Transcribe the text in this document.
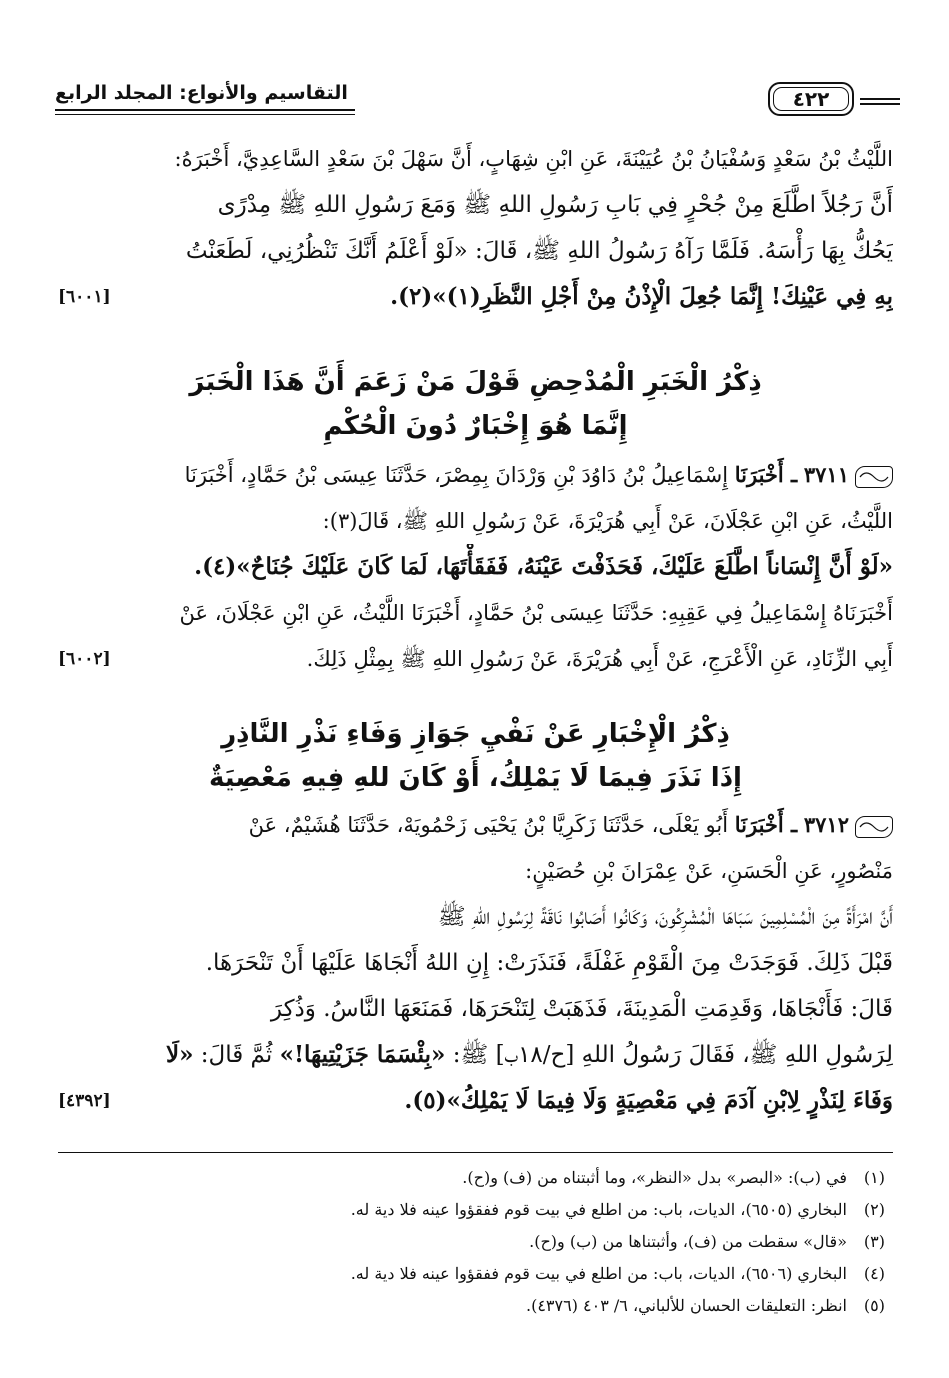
التقاسيم والأنواع: المجلد الرابع	٤٢٢
اللَّيْثُ بْنُ سَعْدٍ وَسُفْيَانُ بْنُ عُيَيْنَةَ، عَنِ ابْنِ شِهَابٍ، أَنَّ سَهْلَ بْنَ سَعْدٍ السَّاعِدِيَّ، أَخْبَرَهُ:
أَنَّ رَجُلاً اطَّلَعَ مِنْ جُحْرٍ فِي بَابِ رَسُولِ اللهِ ﷺ وَمَعَ رَسُولِ اللهِ ﷺ مِدْرًى
يَحُكُّ بِهَا رَأْسَهُ. فَلَمَّا رَآهُ رَسُولُ اللهِ ﷺ، قَالَ: «لَوْ أَعْلَمُ أَنَّكَ تَنْظُرُنِي، لَطَعَنْتُ
بِهِ فِي عَيْنِكَ! إِنَّمَا جُعِلَ الْإِذْنُ مِنْ أَجْلِ النَّظَرِ(١)»(٢).
[٦٠٠١]
ذِكْرُ الْخَبَرِ الْمُدْحِضِ قَوْلَ مَنْ زَعَمَ أَنَّ هَذَا الْخَبَرَ
إِنَّمَا هُوَ إِخْبَارٌ دُونَ الْحُكْمِ
٣٧١١ ـ أَخْبَرَنَا إِسْمَاعِيلُ بْنُ دَاوُدَ بْنِ وَرْدَانَ بِمِصْرَ، حَدَّثَنَا عِيسَى بْنُ حَمَّادٍ، أَخْبَرَنَا
اللَّيْثُ، عَنِ ابْنِ عَجْلَانَ، عَنْ أَبِي هُرَيْرَةَ، عَنْ رَسُولِ اللهِ ﷺ، قَالَ(٣):
«لَوْ أَنَّ إِنْسَاناً اطَّلَعَ عَلَيْكَ، فَحَذَفْتَ عَيْنَهُ، فَفَقَأْتَهَا، لَمَا كَانَ عَلَيْكَ جُنَاحٌ»(٤).
أَخْبَرَنَاهُ إِسْمَاعِيلُ فِي عَقِبِهِ: حَدَّثَنَا عِيسَى بْنُ حَمَّادٍ، أَخْبَرَنَا اللَّيْثُ، عَنِ ابْنِ عَجْلَانَ، عَنْ
أَبِي الزِّنَادِ، عَنِ الْأَعْرَجِ، عَنْ أَبِي هُرَيْرَةَ، عَنْ رَسُولِ اللهِ ﷺ بِمِثْلِ ذَلِكَ.
[٦٠٠٢]
ذِكْرُ الْإِخْبَارِ عَنْ نَفْيِ جَوَازِ وَفَاءِ نَذْرِ النَّاذِرِ
إِذَا نَذَرَ فِيمَا لَا يَمْلِكُ، أَوْ كَانَ للهِ فِيهِ مَعْصِيَةٌ
٣٧١٢ ـ أَخْبَرَنَا أَبُو يَعْلَى، حَدَّثَنَا زَكَرِيَّا بْنُ يَحْيَى زَحْمُويَهْ، حَدَّثَنَا هُشَيْمٌ، عَنْ
مَنْصُورٍ، عَنِ الْحَسَنِ، عَنْ عِمْرَانَ بْنِ حُصَيْنٍ:
أَنَّ امْرَأَةً مِنَ الْمُسْلِمِينَ سَبَاهَا الْمُشْرِكُونَ، وَكَانُوا أَصَابُوا نَاقَةً لِرَسُولِ اللهِ ﷺ
قَبْلَ ذَلِكَ. فَوَجَدَتْ مِنَ الْقَوْمِ غَفْلَةً، فَنَذَرَتْ: إِنِ اللهُ أَنْجَاهَا عَلَيْهَا أَنْ تَنْحَرَهَا.
قَالَ: فَأَنْجَاهَا، وَقَدِمَتِ الْمَدِينَةَ، فَذَهَبَتْ لِتَنْحَرَهَا، فَمَنَعَهَا النَّاسُ. وَذُكِرَ
لِرَسُولِ اللهِ ﷺ، فَقَالَ رَسُولُ اللهِ [ح/١٨ب] ﷺ: «بِئْسَمَا جَزَيْتِيهَا!» ثُمَّ قَالَ: «لَا
وَفَاءَ لِنَذْرٍ لِابْنِ آدَمَ فِي مَعْصِيَةٍ وَلَا فِيمَا لَا يَمْلِكُ»(٥).
[٤٣٩٢]
(١)في (ب): «البصر» بدل «النظر»، وما أثبتناه من (ف) و(ح).
(٢)البخاري (٦٥٠٥)، الديات، باب: من اطلع في بيت قوم ففقؤوا عينه فلا دية له.
(٣)«قال» سقطت من (ف)، وأثبتناها من (ب) و(ح).
(٤)البخاري (٦٥٠٦)، الديات، باب: من اطلع في بيت قوم ففقؤوا عينه فلا دية له.
(٥)انظر: التعليقات الحسان للألباني، ٦/ ٤٠٣ (٤٣٧٦).
